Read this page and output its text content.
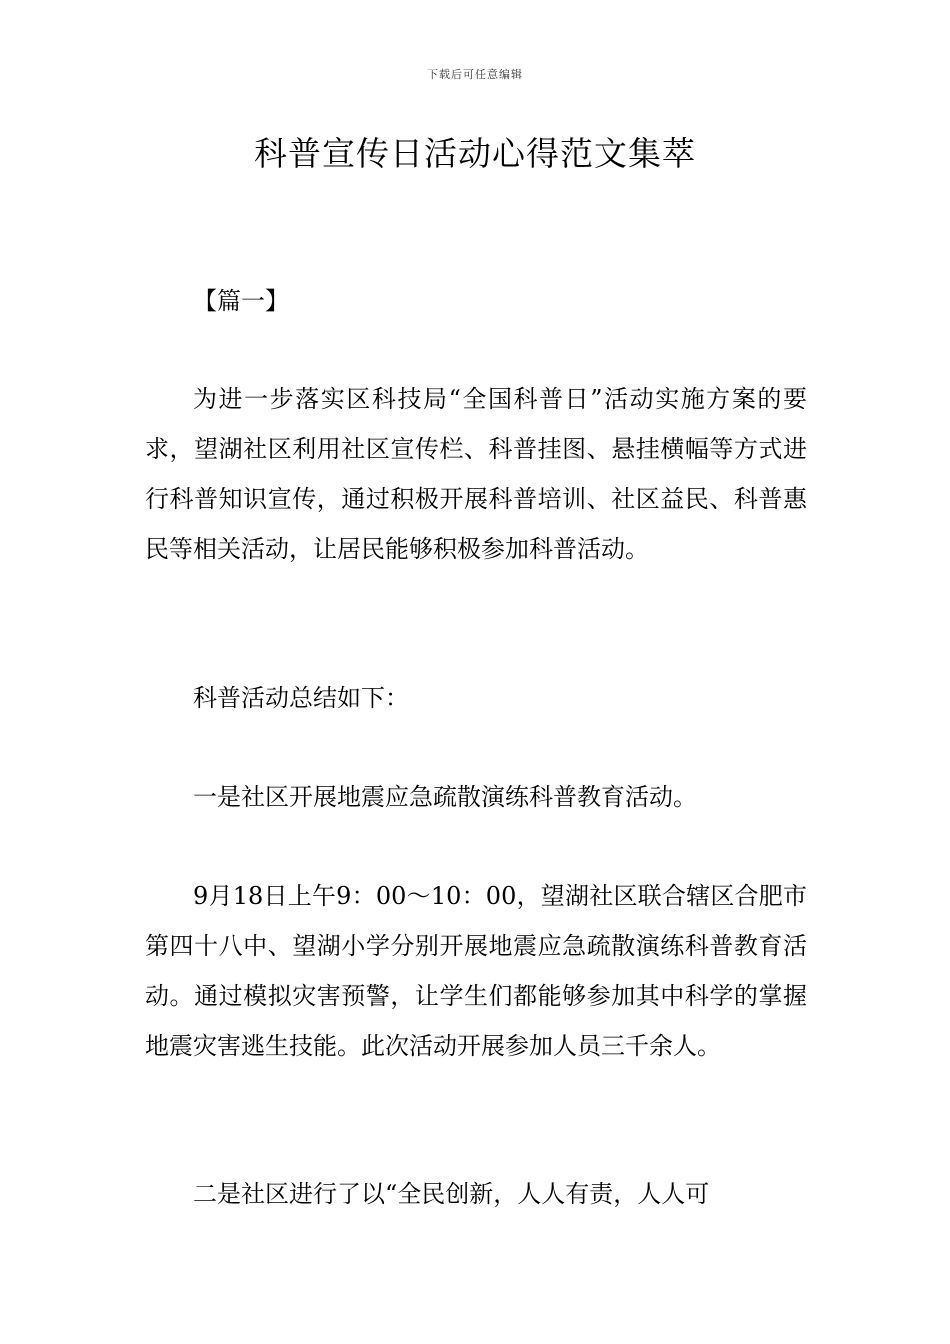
下载后可任意编辑
科普宣传日活动心得范文集萃

【篇一】

为进一步落实区科技局“全国科普日”活动实施方案的要求，望湖社区利用社区宣传栏、科普挂图、悬挂横幅等方式进行科普知识宣传，通过积极开展科普培训、社区益民、科普惠民等相关活动，让居民能够积极参加科普活动。

科普活动总结如下：

一是社区开展地震应急疏散演练科普教育活动。

9月18日上午9：00～10：00，望湖社区联合辖区合肥市第四十八中、望湖小学分别开展地震应急疏散演练科普教育活动。通过模拟灾害预警，让学生们都能够参加其中科学的掌握地震灾害逃生技能。此次活动开展参加人员三千余人。

二是社区进行了以“全民创新，人人有责，人人可
